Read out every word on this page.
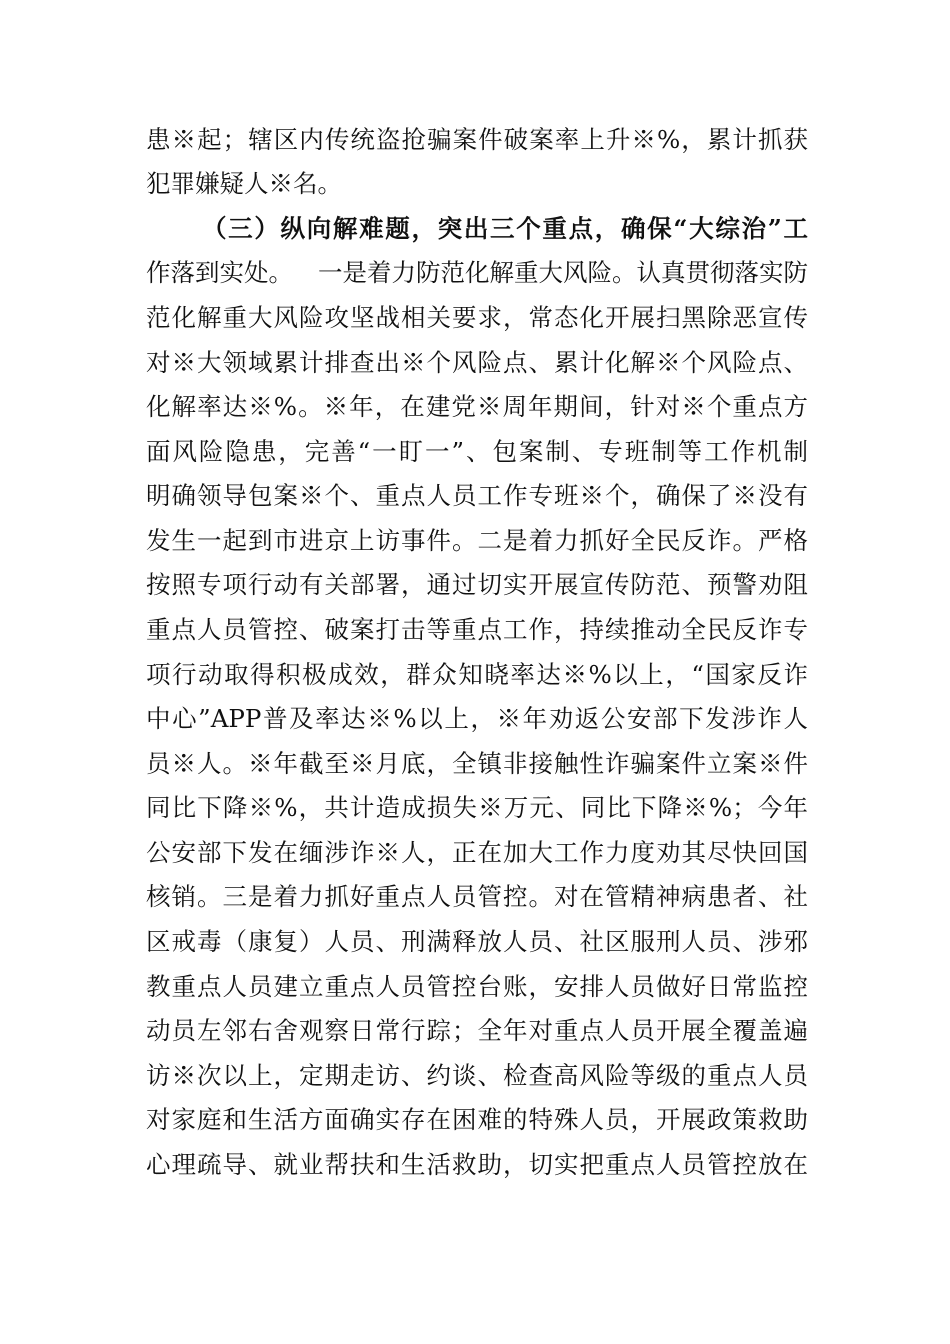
患※起；辖区内传统盗抢骗案件破案率上升※%，累计抓获
犯罪嫌疑人※名。
（三）纵向解难题，突出三个重点，确保“大综治”工
作落到实处。 一是着力防范化解重大风险。认真贯彻落实防
范化解重大风险攻坚战相关要求，常态化开展扫黑除恶宣传
对※大领域累计排查出※个风险点、累计化解※个风险点、
化解率达※%。※年，在建党※周年期间，针对※个重点方
面风险隐患，完善“一盯一”、包案制、专班制等工作机制
明确领导包案※个、重点人员工作专班※个，确保了※没有
发生一起到市进京上访事件。二是着力抓好全民反诈。严格
按照专项行动有关部署，通过切实开展宣传防范、预警劝阻
重点人员管控、破案打击等重点工作，持续推动全民反诈专
项行动取得积极成效，群众知晓率达※%以上，“国家反诈
中心”APP普及率达※%以上，※年劝返公安部下发涉诈人
员※人。※年截至※月底，全镇非接触性诈骗案件立案※件
同比下降※%，共计造成损失※万元、同比下降※%；今年
公安部下发在缅涉诈※人，正在加大工作力度劝其尽快回国
核销。三是着力抓好重点人员管控。对在管精神病患者、社
区戒毒（康复）人员、刑满释放人员、社区服刑人员、涉邪
教重点人员建立重点人员管控台账，安排人员做好日常监控
动员左邻右舍观察日常行踪；全年对重点人员开展全覆盖遍
访※次以上，定期走访、约谈、检查高风险等级的重点人员
对家庭和生活方面确实存在困难的特殊人员，开展政策救助
心理疏导、就业帮扶和生活救助，切实把重点人员管控放在
